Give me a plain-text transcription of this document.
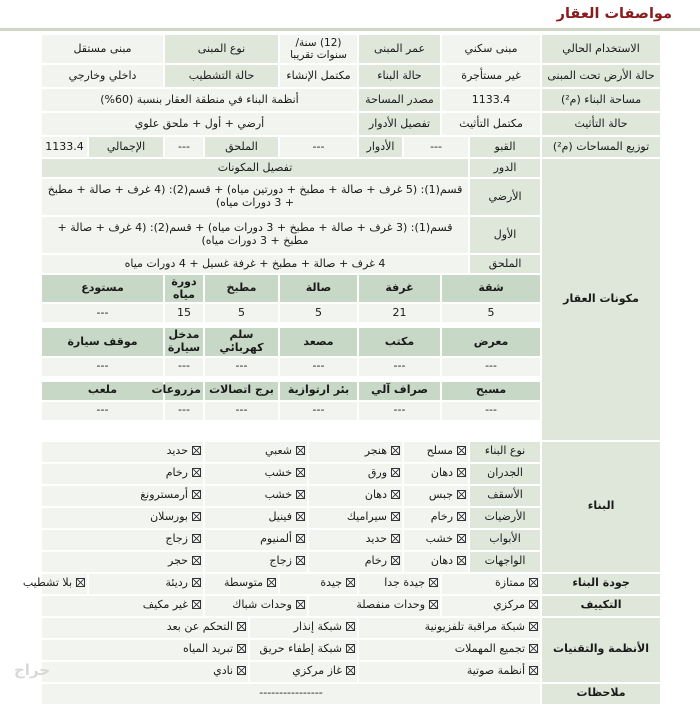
مواصفات العقار
الاستخدام الحالي	مبنى سكني		عمر المبنى		(12) سنة/سنوات تقريبا		نوع المبنى			مبنى مستقل	
حالة الأرض تحت المبنى	غير مستأجرة		حالة البناء		مكتمل الإنشاء		حالة التشطيب			داخلي وخارجي	
مساحة البناء (م²)	1133.4		مصدر المساحة		أنظمة البناء في منطقة العقار بنسبة (60%)						
حالة التأثيث	مكتمل التأثيث		تفصيل الأدوار		أرضي + أول + ملحق علوي						
توزيع المساحات (م²)	القبو	---		الأدوار	---		الملحق		---	الإجمالي	1133.4
مكونات العقار	الدور	تفصيل المكونات									
	الأرضي	قسم(1): (5 غرف + صالة + مطبخ + دورتين مياه) + قسم(2): (4 غرف + صالة + مطبخ + 3 دورات مياه)									
	الأول	قسم(1): (3 غرف + صالة + مطبخ + 3 دورات مياه) + قسم(2): (4 غرف + صالة + مطبخ + 3 دورات مياه)									
	الملحق	4 غرف + صالة + مطبخ + غرفة غسيل + 4 دورات مياه									
	شقة		غرفة		صالة		مطبخ		دورة مياه	مستودع	
	5		21		5		5		15	---	

	معرض		مكتب		مصعد		سلم كهربائي		مدخل سيارة	موقف سيارة	
	---		---		---		---		---	---	

	مسبح		صراف آلي		بئر ارتوازية		برج اتصالات		مزروعات	ملعب	
	---		---		---		---		---	---	

البناء	نوع البناء	مسلح		هنجر		شعبي			حديد		
	الجدران	دهان		ورق		خشب			رخام		
	الأسقف	جبس		دهان		خشب			أرمسترونغ		
	الأرضيات	رخام		سيراميك		فينيل			بورسلان		
	الأبواب	خشب		حديد		ألمنيوم			زجاج		
	الواجهات	دهان		رخام		زجاج			حجر		
جودة البناء	ممتازة		جيدة جدا		جيدة		متوسطة		رديئة		بلا تشطيب
التكييف	مركزي		وحدات منفصلة			وحدات شباك			غير مكيف		
الأنظمة والتقنيات	شبكة مراقبة تلفزيونية				شبكة إنذار			التحكم عن بعد			
	تجميع المهملات				شبكة إطفاء حريق			تبريد المياه			
	أنظمة صوتية				غاز مركزي			نادي			
ملاحظات	----------------										
حراج
